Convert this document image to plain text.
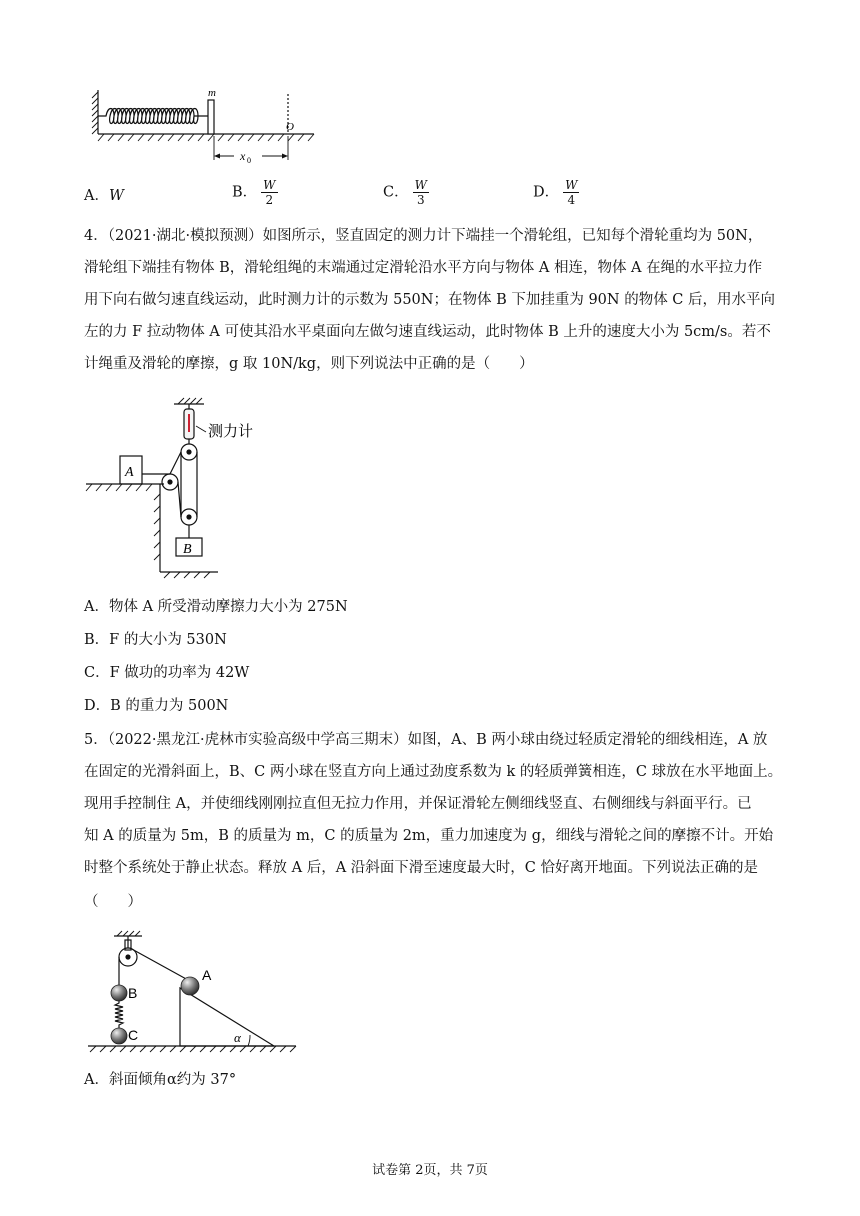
m
O
x 0
A．W	B． $\frac{W}{2}$	C． $\frac{W}{3}$	D． $\frac{W}{4}$
4．（2021·湖北·模拟预测）如图所示，竖直固定的测力计下端挂一个滑轮组，已知每个滑轮重均为 50N，
滑轮组下端挂有物体 B，滑轮组绳的末端通过定滑轮沿水平方向与物体 A 相连，物体 A 在绳的水平拉力作
用下向右做匀速直线运动，此时测力计的示数为 550N；在物体 B 下加挂重为 90N 的物体 C 后，用水平向
左的力 F 拉动物体 A 可使其沿水平桌面向左做匀速直线运动，此时物体 B 上升的速度大小为 5cm/s。若不
计绳重及滑轮的摩擦，g 取 10N/kg，则下列说法中正确的是（　　）
A
B
测力计
A．物体 A 所受滑动摩擦力大小为 275N
B．F 的大小为 530N
C．F 做功的功率为 42W
D．B 的重力为 500N
5．（2022·黑龙江·虎林市实验高级中学高三期末）如图，A、B 两小球由绕过轻质定滑轮的细线相连，A 放
在固定的光滑斜面上，B、C 两小球在竖直方向上通过劲度系数为 k 的轻质弹簧相连，C 球放在水平地面上。
现用手控制住 A，并使细线刚刚拉直但无拉力作用，并保证滑轮左侧细线竖直、右侧细线与斜面平行。已
知 A 的质量为 5m，B 的质量为 m，C 的质量为 2m，重力加速度为 g，细线与滑轮之间的摩擦不计。开始
时整个系统处于静止状态。释放 A 后，A 沿斜面下滑至速度最大时，C 恰好离开地面。下列说法正确的是
（　　）
B
C
A
α
A．斜面倾角α约为 37°
试卷第 2页，共 7页
